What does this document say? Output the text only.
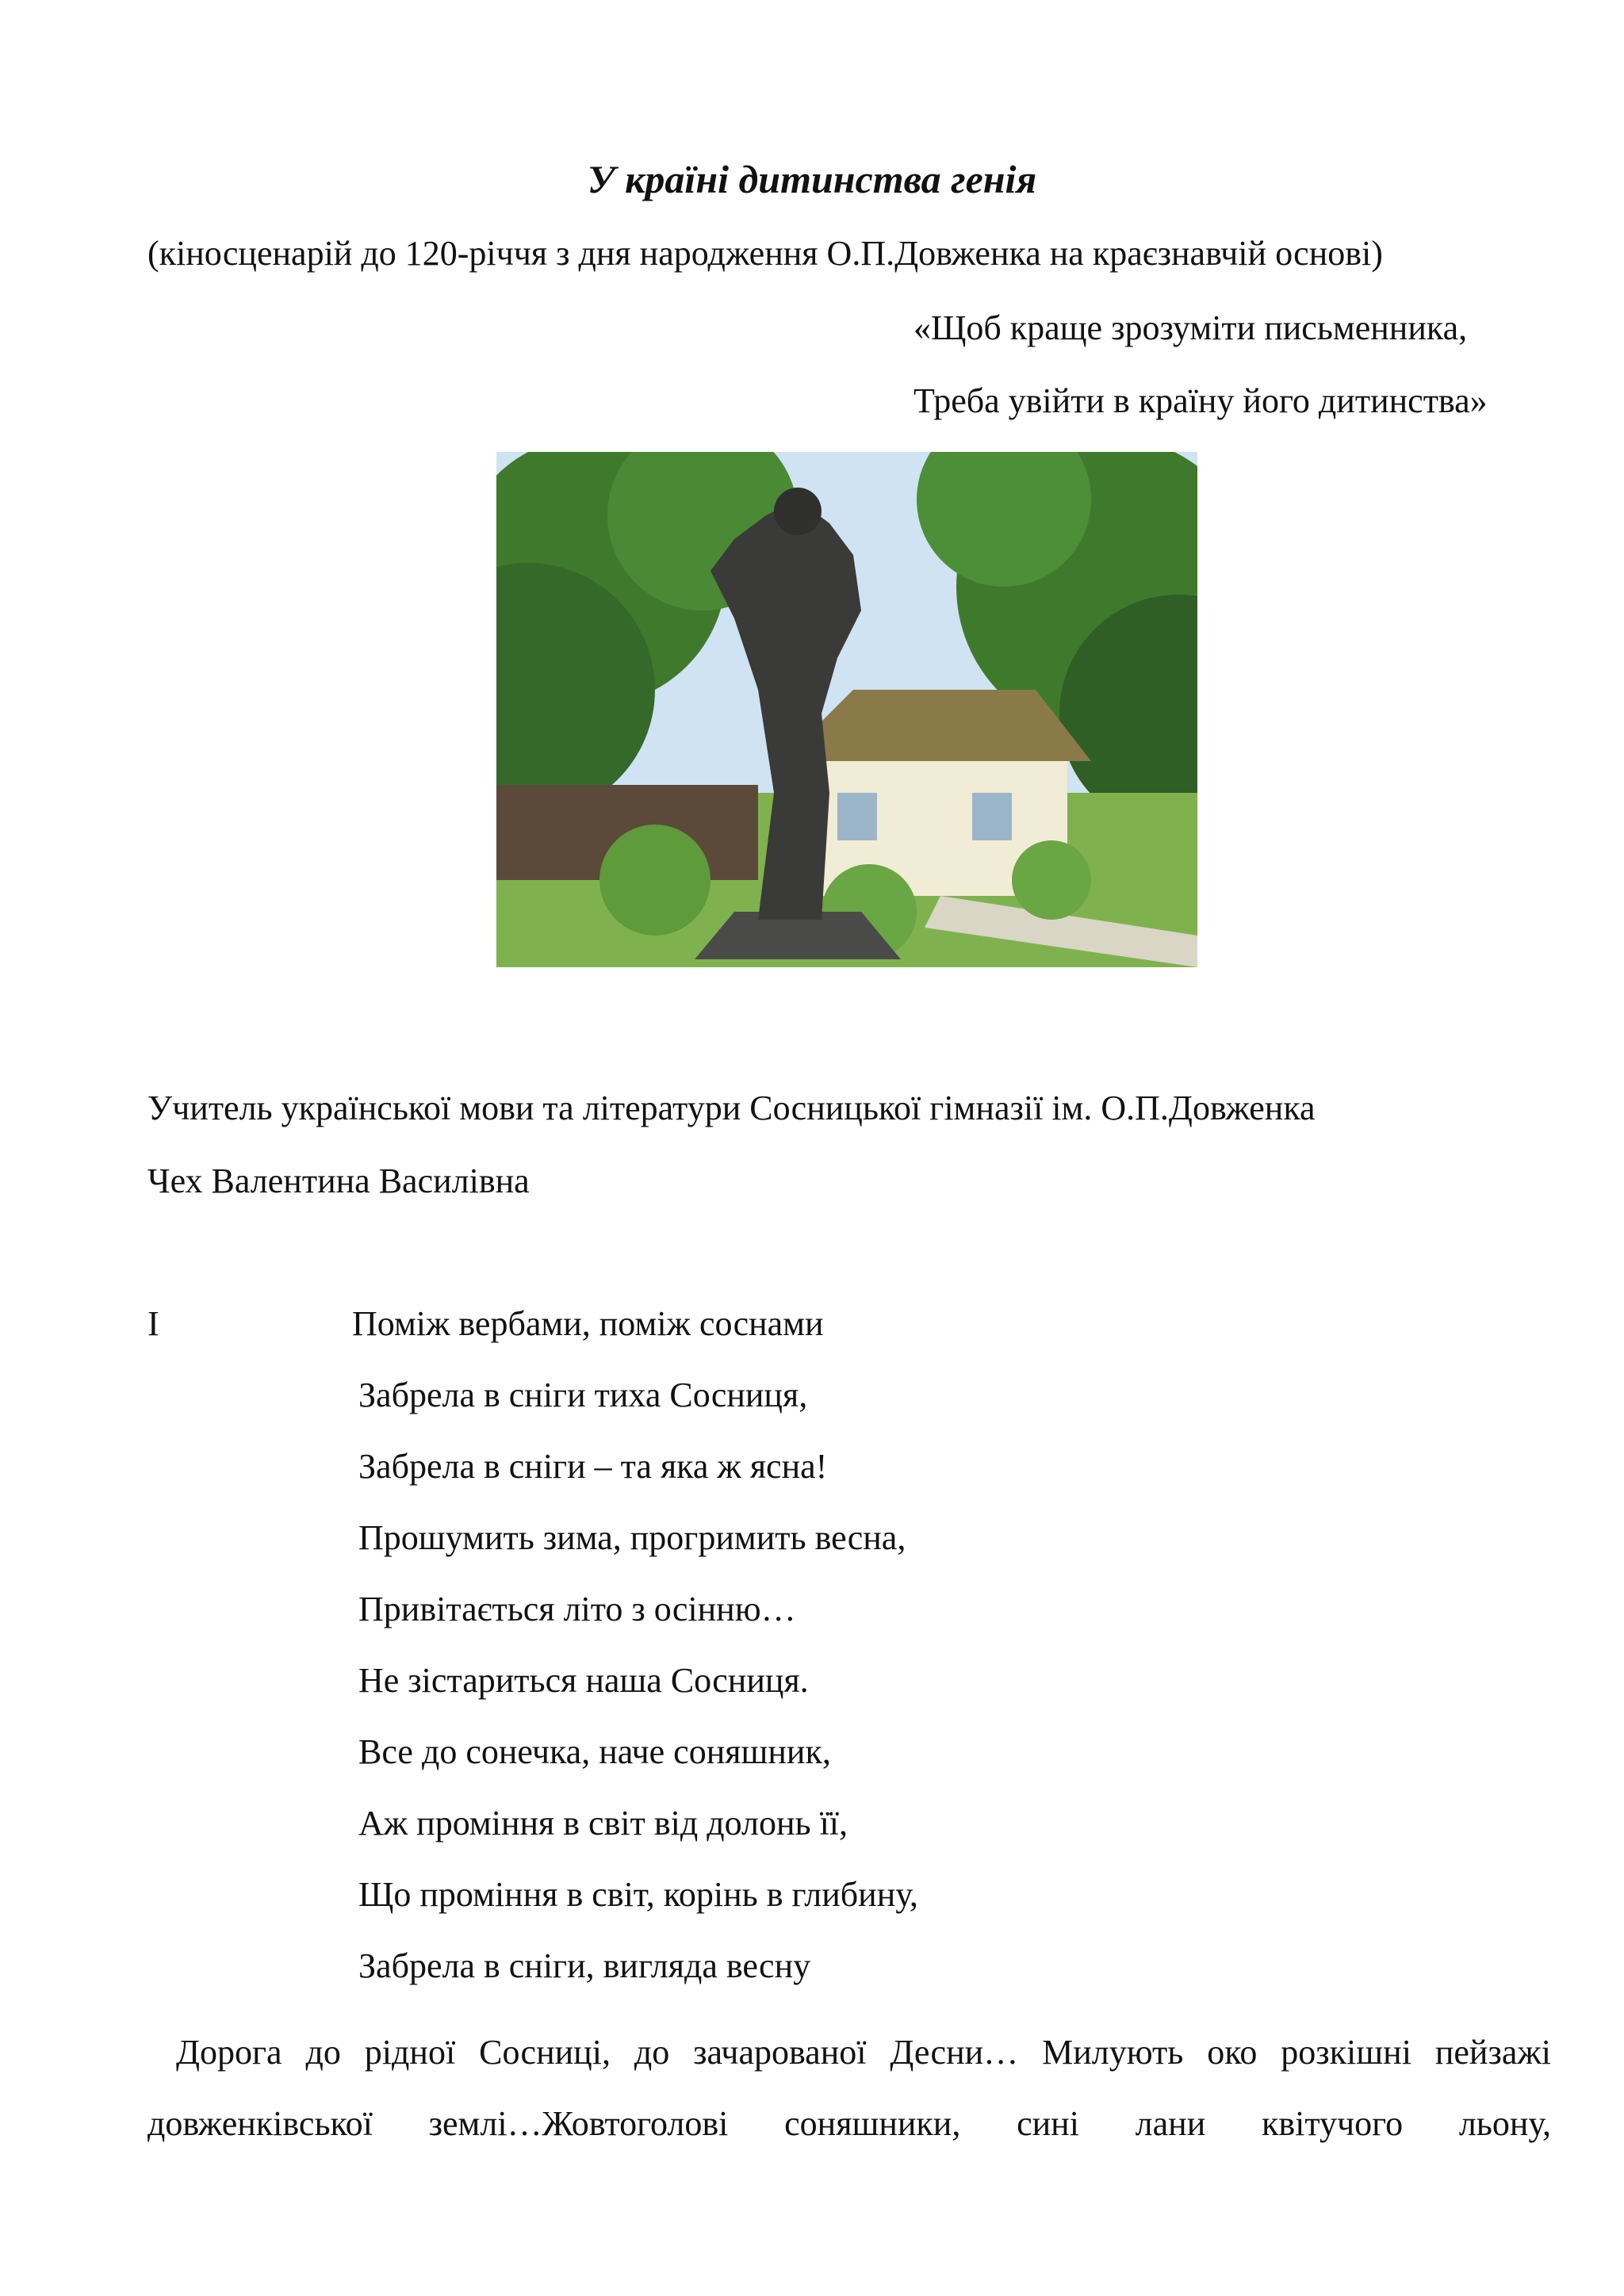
У країні дитинства генія

(кіносценарій до 120-річчя з дня народження О.П.Довженка на краєзнавчій основі)

«Щоб краще зрозуміти письменника,

Треба увійти в країну його дитинства»

Учитель української мови та літератури Сосницької гімназії ім. О.П.Довженка

Чех Валентина Василівна

I	Поміж вербами, поміж соснами

Забрела в сніги тиха Сосниця,

Забрела в сніги – та яка ж ясна!

Прошумить зима, прогримить весна,

Привітається літо з осінню…

Не зістариться наша Сосниця.

Все до сонечка, наче соняшник,

Аж проміння в світ від долонь її,

Що проміння в світ, корінь в глибину,

Забрела в сніги, вигляда весну

Дорога до рідної Сосниці, до зачарованої Десни… Милують око розкішні пейзажі довженківської землі…Жовтоголові соняшники, сині лани квітучого льону,
